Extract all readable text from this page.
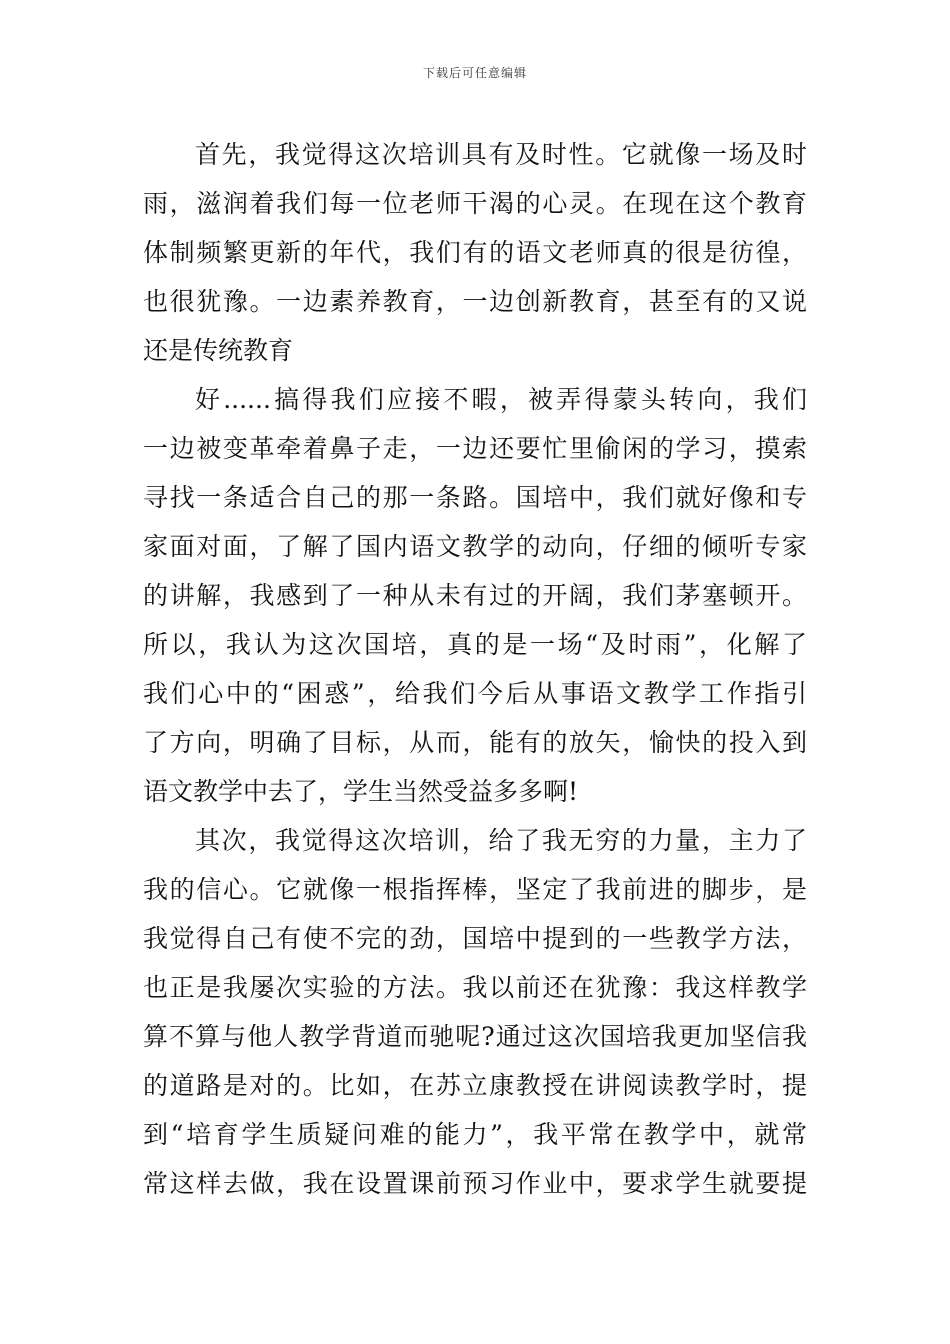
下载后可任意编辑
首先，我觉得这次培训具有及时性。它就像一场及时
雨，滋润着我们每一位老师干渴的心灵。在现在这个教育
体制频繁更新的年代，我们有的语文老师真的很是彷徨，
也很犹豫。一边素养教育，一边创新教育，甚至有的又说
还是传统教育
好......搞得我们应接不暇，被弄得蒙头转向，我们
一边被变革牵着鼻子走，一边还要忙里偷闲的学习，摸索
寻找一条适合自己的那一条路。国培中，我们就好像和专
家面对面，了解了国内语文教学的动向，仔细的倾听专家
的讲解，我感到了一种从未有过的开阔，我们茅塞顿开。
所以，我认为这次国培，真的是一场“及时雨”，化解了
我们心中的“困惑”，给我们今后从事语文教学工作指引
了方向，明确了目标，从而，能有的放矢，愉快的投入到
语文教学中去了，学生当然受益多多啊!
其次，我觉得这次培训，给了我无穷的力量，主力了
我的信心。它就像一根指挥棒，坚定了我前进的脚步，是
我觉得自己有使不完的劲，国培中提到的一些教学方法，
也正是我屡次实验的方法。我以前还在犹豫：我这样教学
算不算与他人教学背道而驰呢?通过这次国培我更加坚信我
的道路是对的。比如，在苏立康教授在讲阅读教学时，提
到“培育学生质疑问难的能力”，我平常在教学中，就常
常这样去做，我在设置课前预习作业中，要求学生就要提
